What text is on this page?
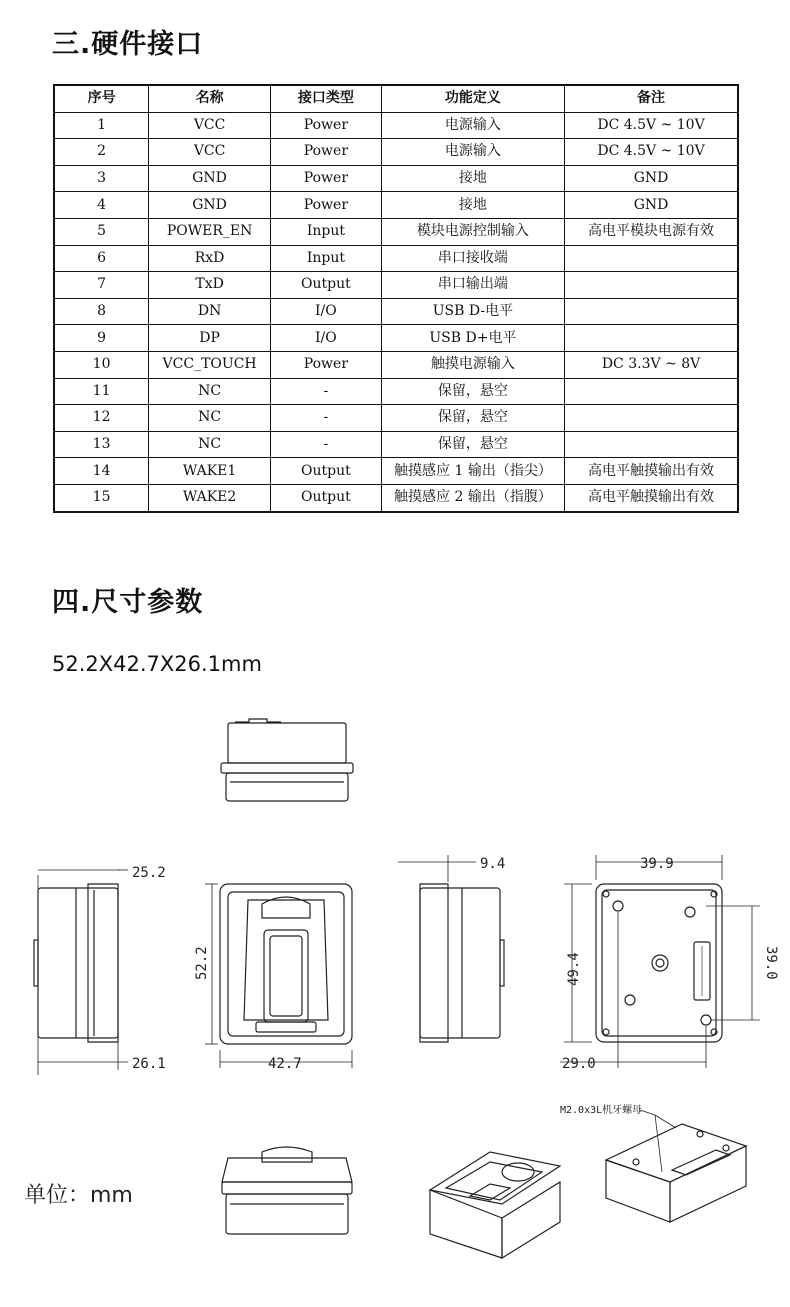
三.硬件接口
序号	名称	接口类型	功能定义	备注
1	VCC	Power	电源输入	DC 4.5V ~ 10V
2	VCC	Power	电源输入	DC 4.5V ~ 10V
3	GND	Power	接地	GND
4	GND	Power	接地	GND
5	POWER_EN	Input	模块电源控制输入	高电平模块电源有效
6	RxD	Input	串口接收端	
7	TxD	Output	串口输出端	
8	DN	I/O	USB D-电平	
9	DP	I/O	USB D+电平	
10	VCC_TOUCH	Power	触摸电源输入	DC 3.3V ~ 8V
11	NC	-	保留，悬空	
12	NC	-	保留，悬空	
13	NC	-	保留，悬空	
14	WAKE1	Output	触摸感应 1 输出（指尖）	高电平触摸输出有效
15	WAKE2	Output	触摸感应 2 输出（指腹）	高电平触摸输出有效
四.尺寸参数
52.2X42.7X26.1mm
25.2
26.1
52.2
42.7
9.4	39.9
49.4	39.0
29.0
M2.0x3L机牙螺母
单位：mm
